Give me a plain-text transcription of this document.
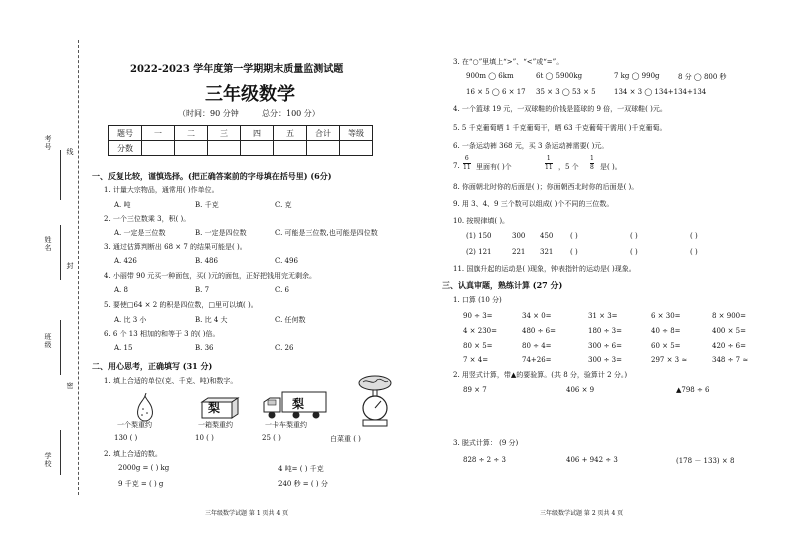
考号
线
姓名
封
班级
密
学校
2022-2023 学年度第一学期期末质量监测试题
三年级数学
（时间：90 分钟	总分：100 分）
题号	一	二	三	四	五	合计	等级
分数							
一、反复比较，谨慎选择。(把正确答案前的字母填在括号里) (6分)
1. 计量大宗物品，通常用( )作单位。
A. 吨	B. 千克	C. 克
2. 一个三位数乘 3，积( )。
A. 一定是三位数	B. 一定是四位数	C. 可能是三位数,也可能是四位数
3. 通过估算判断出 68 × 7 的结果可能是( )。
A. 426	B. 486	C. 496
4. 小丽带 90 元买一种面包，买( )元的面包，正好把钱用完无剩余。
A. 8	B. 7	C. 6
5. 要使□64 × 2 的积是四位数，□里可以填( )。
A. 比 3 小	B. 比 4 大	C. 任何数
6. 6 个 13 相加的和等于 3 的( )倍。
A. 15	B. 36	C. 26
二、用心思考，正确填写 (31 分)
1. 填上合适的单位(克、千克、吨)和数字。
梨	梨
一个梨重约	一箱梨重约	一卡车梨重约
130 ( )	10 ( )	25 ( )	白菜重 ( )
2. 填上合适的数。
2000g = ( ) kg	4 吨= ( ) 千克
9 千克 = ( ) g	240 秒 = ( ) 分
三年级数学试题 第 1 页共 4 页
3. 在“○”里填上“>”、“<”或“=”。
900m ◯ 6km	6t ◯ 5900kg	7 kg ◯ 990g	8 分 ◯ 800 秒
16 × 5 ◯ 6 × 17 35 × 3 ◯ 53 × 5	134 × 3 ◯ 134+134+134
4. 一个篮球 19 元，一双球鞋的价钱是篮球的 9 倍，一双球鞋( )元。
5. 5 千克葡萄晒 1 千克葡萄干，晒 63 千克葡萄干需用( )千克葡萄。
6. 一条运动裤 368 元，买 3 条运动裤需要( )元。
7. $\frac{6}{11}$ 里面有( )个	$\frac{1}{11}$ ，5 个 $\frac{1}{8}$ 是( )。
8. 你面朝北时你的后面是( )；你面朝西北时你的后面是( )。
9. 用 3、4、9 三个数可以组成( )个不同的三位数。
10. 按规律填( )。
(1) 150	300 450 ( )	( )	( )
(2) 121	221 321 ( )	( )	( )
11. 国旗升起的运动是( )现象，钟表指针的运动是( )现象。
三、认真审题，熟练计算 (27 分)
1. 口算 (10 分)
90 ÷ 3=	34 × 0=	31 × 3=	6 × 30=	8 × 900=
4 × 230=	480 ÷ 6=	180 ÷ 3=	40 ÷ 8=	400 × 5=
80 × 5=	80 ÷ 4=	300 ÷ 6=	60 × 5=	420 ÷ 6=
7 × 4=	74+26=	300 ÷ 3=	297 × 3 ≈	348 ÷ 7 ≈
2. 用竖式计算，带▲的要验算。(共 8 分，验算计 2 分。)
89 × 7	406 × 9	▲798 ÷ 6
3. 脱式计算： (9 分)
828 ÷ 2 ÷ 3	406 + 942 ÷ 3	(178 － 133) × 8
三年级数学试题 第 2 页共 4 页
